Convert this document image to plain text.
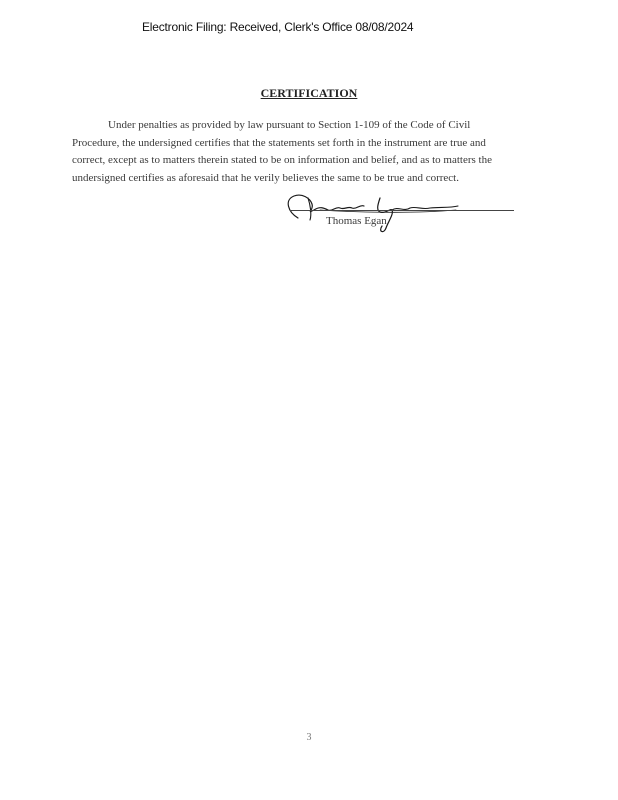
Electronic Filing: Received, Clerk's Office 08/08/2024
CERTIFICATION

Under penalties as provided by law pursuant to Section 1-109 of the Code of Civil
Procedure, the undersigned certifies that the statements set forth in the instrument are true and
correct, except as to matters therein stated to be on information and belief, and as to matters the
undersigned certifies as aforesaid that he verily believes the same to be true and correct.

Thomas Egan
3
